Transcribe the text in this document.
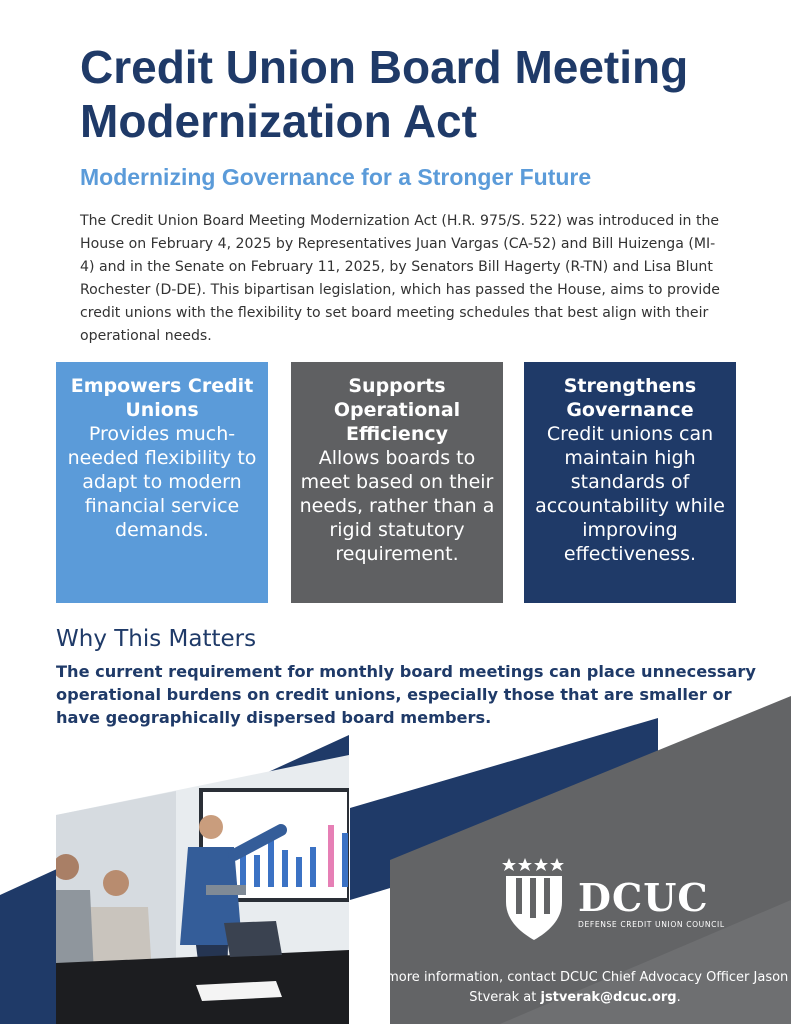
Credit Union Board Meeting Modernization Act
Modernizing Governance for a Stronger Future

The Credit Union Board Meeting Modernization Act (H.R. 975/S. 522) was introduced in the House on February 4, 2025 by Representatives Juan Vargas (CA-52) and Bill Huizenga (MI-4) and in the Senate on February 11, 2025, by Senators Bill Hagerty (R-TN) and Lisa Blunt Rochester (D-DE). This bipartisan legislation, which has passed the House, aims to provide credit unions with the flexibility to set board meeting schedules that best align with their operational needs.

Empowers Credit Unions
Provides much-needed flexibility to adapt to modern financial service demands.
Supports Operational Efficiency
Allows boards to meet based on their needs, rather than a rigid statutory requirement.
Strengthens Governance
Credit unions can maintain high standards of accountability while improving effectiveness.
Why This Matters

The current requirement for monthly board meetings can place unnecessary operational burdens on credit unions, especially those that are smaller or have geographically dispersed board members.

DCUC
DEFENSE CREDIT UNION COUNCIL
For more information, contact DCUC Chief Advocacy Officer Jason Stverak at jstverak@dcuc.org.
